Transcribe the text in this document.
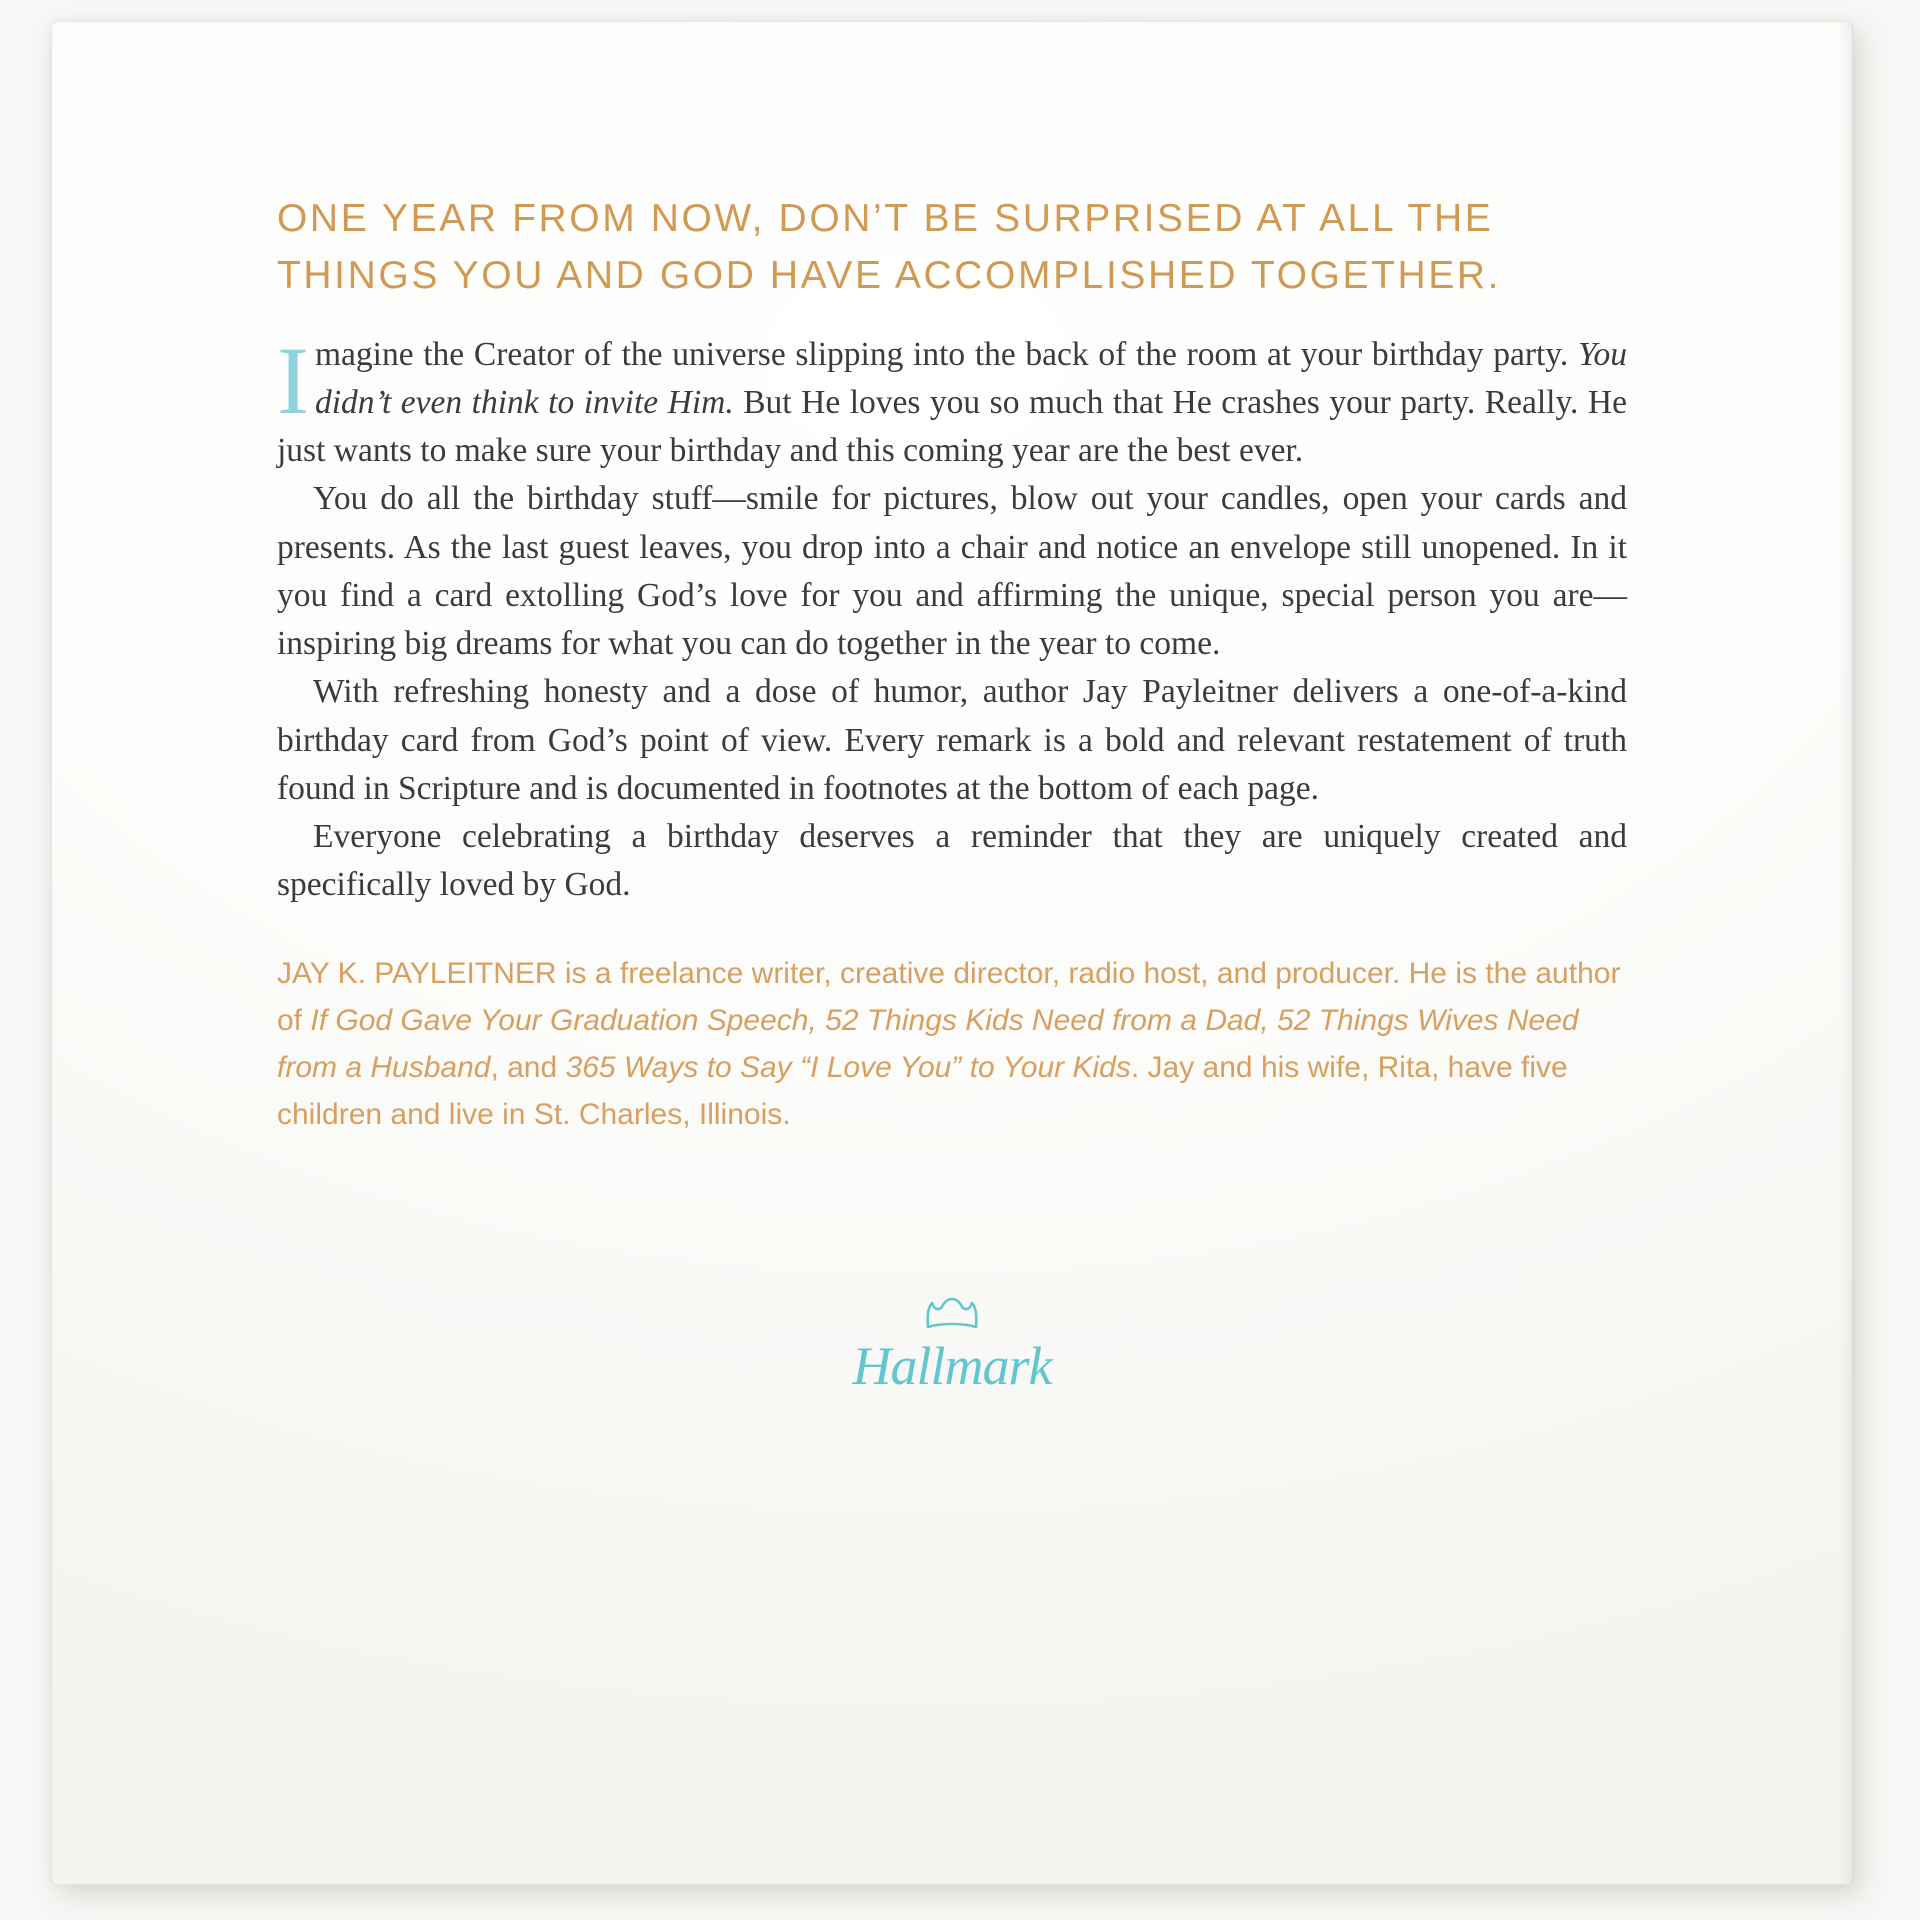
ONE YEAR FROM NOW, DON’T BE SURPRISED AT ALL THE THINGS YOU AND GOD HAVE ACCOMPLISHED TOGETHER.

Imagine the Creator of the universe slipping into the back of the room at your birthday party. You didn’t even think to invite Him. But He loves you so much that He crashes your party. Really. He just wants to make sure your birthday and this coming year are the best ever.

You do all the birthday stuff—smile for pictures, blow out your candles, open your cards and presents. As the last guest leaves, you drop into a chair and notice an envelope still unopened. In it you find a card extolling God’s love for you and affirming the unique, special person you are—inspiring big dreams for what you can do together in the year to come.

With refreshing honesty and a dose of humor, author Jay Payleitner delivers a one-of-a-kind birthday card from God’s point of view. Every remark is a bold and relevant restatement of truth found in Scripture and is documented in footnotes at the bottom of each page.

Everyone celebrating a birthday deserves a reminder that they are uniquely created and specifically loved by God.

JAY K. PAYLEITNER is a freelance writer, creative director, radio host, and producer. He is the author of If God Gave Your Graduation Speech, 52 Things Kids Need from a Dad, 52 Things Wives Need from a Husband, and 365 Ways to Say “I Love You” to Your Kids. Jay and his wife, Rita, have five children and live in St. Charles, Illinois.
Hallmark
